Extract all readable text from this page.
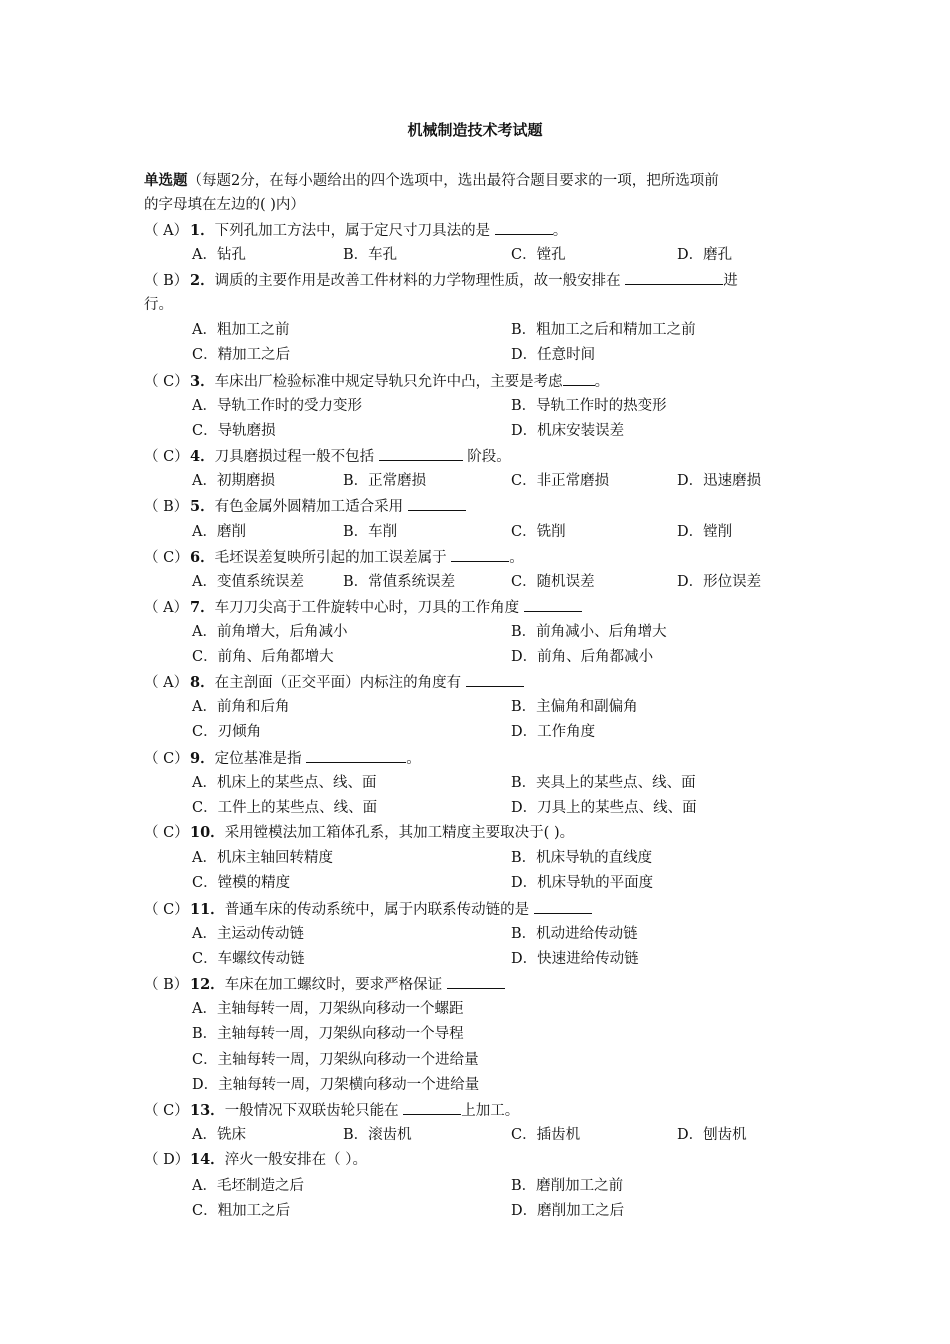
机械制造技术考试题
单选题（每题2分，在每小题给出的四个选项中，选出最符合题目要求的一项，把所选项前
的字母填在左边的( )内）
（ A） 1．下列孔加工方法中，属于定尺寸刀具法的是	。
A．钻孔	B．车孔	C．镗孔	D．磨孔
（ B） 2．调质的主要作用是改善工件材料的力学物理性质，故一般安排在	进
行。
A．粗加工之前	B．粗加工之后和精加工之前
C．精加工之后	D．任意时间
（ C）3．车床出厂检验标准中规定导轨只允许中凸，主要是考虑 。
A．导轨工作时的受力变形	B．导轨工作时的热变形
C．导轨磨损	D．机床安装误差
（ C）4．刀具磨损过程一般不包括	阶段。
A．初期磨损	B．正常磨损	C．非正常磨损	D．迅速磨损
（ B） 5．有色金属外圆精加工适合采用
A．磨削	B．车削	C．铣削	D．镗削
（ C）6．毛坯误差复映所引起的加工误差属于	。
A．变值系统误差	B．常值系统误差	C．随机误差	D．形位误差
（ A） 7．车刀刀尖高于工件旋转中心时，刀具的工作角度
A．前角增大，后角减小	B．前角减小、后角增大
C．前角、后角都增大	D．前角、后角都减小
（ A） 8．在主剖面（正交平面）内标注的角度有
A．前角和后角	B．主偏角和副偏角
C．刃倾角	D．工作角度
（ C）9．定位基准是指	。
A．机床上的某些点、线、面	B．夹具上的某些点、线、面
C．工件上的某些点、线、面	D．刀具上的某些点、线、面
（ C）10．采用镗模法加工箱体孔系，其加工精度主要取决于( )。
A．机床主轴回转精度	B．机床导轨的直线度
C．镗模的精度	D．机床导轨的平面度
（ C）11．普通车床的传动系统中，属于内联系传动链的是
A．主运动传动链	B．机动进给传动链
C．车螺纹传动链	D．快速进给传动链
（ B） 12．车床在加工螺纹时，要求严格保证
A．主轴每转一周，刀架纵向移动一个螺距
B．主轴每转一周，刀架纵向移动一个导程
C．主轴每转一周，刀架纵向移动一个进给量
D．主轴每转一周，刀架横向移动一个进给量
（ C）13．一般情况下双联齿轮只能在	上加工。
A．铣床	B．滚齿机	C．插齿机	D．刨齿机
（ D）14．淬火一般安排在（ ）。
A．毛坯制造之后	B．磨削加工之前
C．粗加工之后	D．磨削加工之后
